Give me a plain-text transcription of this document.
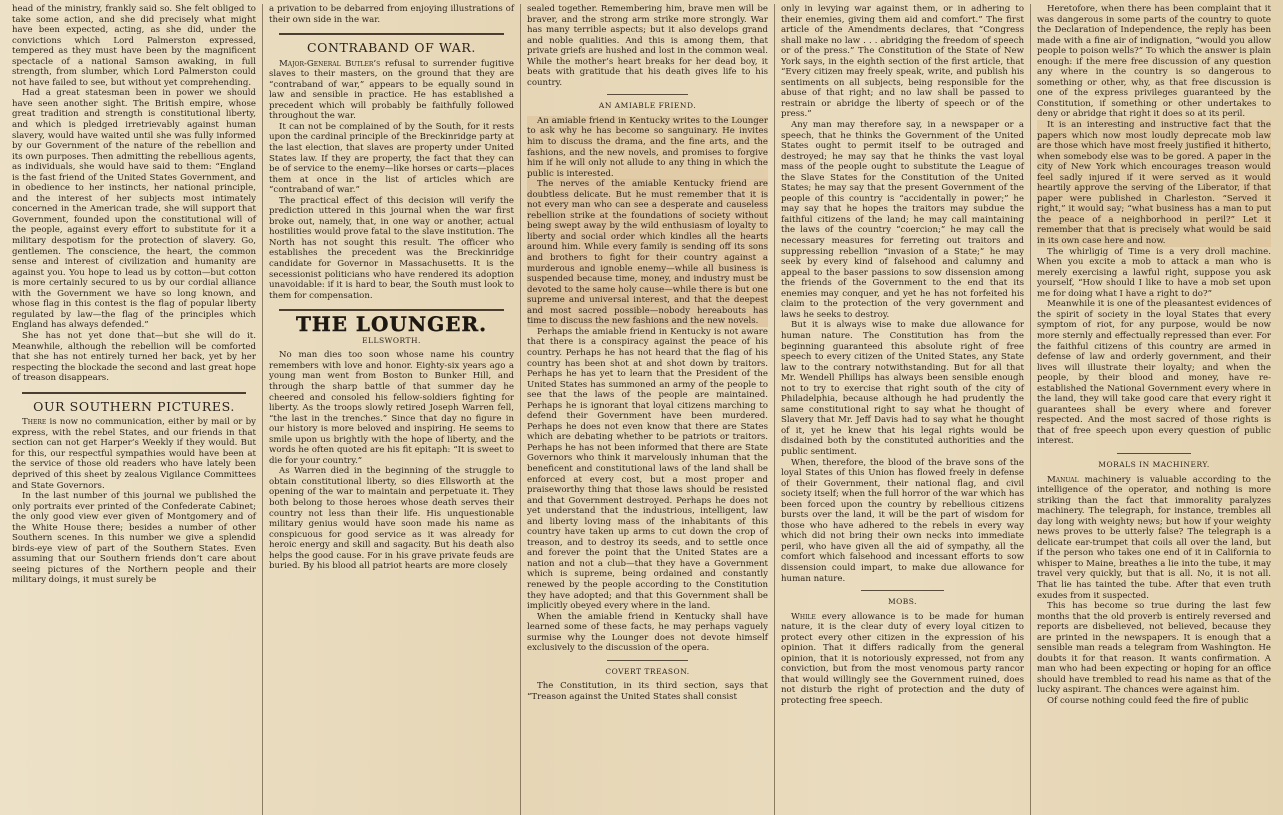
head of the ministry, frankly said so. She felt obliged to take some action, and she did precisely what might have been expected, acting, as she did, under the convictions which Lord Palmerston expressed, tempered as they must have been by the magnificent spectacle of a national Samson awaking, in full strength, from slumber, which Lord Palmerston could not have failed to see, but without yet comprehending.

Had a great statesman been in power we should have seen another sight. The British empire, whose great tradition and strength is constitutional liberty, and which is pledged irretrievably against human slavery, would have waited until she was fully informed by our Government of the nature of the rebellion and its own purposes. Then admitting the rebellious agents, as individuals, she would have said to them: “England is the fast friend of the United States Government, and in obedience to her instincts, her national principle, and the interest of her subjects most intimately concerned in the American trade, she will support that Government, founded upon the constitutional will of the people, against every effort to substitute for it a military despotism for the protection of slavery. Go, gentlemen. The conscience, the heart, the common sense and interest of civilization and humanity are against you. You hope to lead us by cotton—but cotton is more certainly secured to us by our cordial alliance with the Government we have so long known, and whose flag in this contest is the flag of popular liberty regulated by law—the flag of the principles which England has always defended.”

She has not yet done that—but she will do it. Meanwhile, although the rebellion will be comforted that she has not entirely turned her back, yet by her respecting the blockade the second and last great hope of treason disappears.

OUR SOUTHERN PICTURES.

There is now no communication, either by mail or by express, with the rebel States, and our friends in that section can not get Harper’s Weekly if they would. But for this, our respectful sympathies would have been at the service of those old readers who have lately been deprived of this sheet by zealous Vigilance Committees and State Governors.

In the last number of this journal we published the only portraits ever printed of the Confederate Cabinet; the only good view ever given of Montgomery and of the White House there; besides a number of other Southern scenes. In this number we give a splendid birds-eye view of part of the Southern States. Even assuming that our Southern friends don’t care about seeing pictures of the Northern people and their military doings, it must surely be

a privation to be debarred from enjoying illustrations of their own side in the war.

CONTRABAND OF WAR.

Major-General Butler’s refusal to surrender fugitive slaves to their masters, on the ground that they are “contraband of war,” appears to be equally sound in law and sensible in practice. He has established a precedent which will probably be faithfully followed throughout the war.

It can not be complained of by the South, for it rests upon the cardinal principle of the Breckinridge party at the last election, that slaves are property under United States law. If they are property, the fact that they can be of service to the enemy—like horses or carts—places them at once in the list of articles which are “contraband of war.”

The practical effect of this decision will verify the prediction uttered in this journal when the war first broke out, namely, that, in one way or another, actual hostilities would prove fatal to the slave institution. The North has not sought this result. The officer who establishes the precedent was the Breckinridge candidate for Governor in Massachusetts. It is the secessionist politicians who have rendered its adoption unavoidable: if it is hard to bear, the South must look to them for compensation.

THE LOUNGER.
ELLSWORTH.

No man dies too soon whose name his country remembers with love and honor. Eighty-six years ago a young man went from Boston to Bunker Hill, and through the sharp battle of that summer day he cheered and consoled his fellow-soldiers fighting for liberty. As the troops slowly retired Joseph Warren fell, “the last in the trenches.” Since that day no figure in our history is more beloved and inspiring. He seems to smile upon us brightly with the hope of liberty, and the words he often quoted are his fit epitaph: “It is sweet to die for your country.”

As Warren died in the beginning of the struggle to obtain constitutional liberty, so dies Ellsworth at the opening of the war to maintain and perpetuate it. They both belong to those heroes whose death serves their country not less than their life. His unquestionable military genius would have soon made his name as conspicuous for good service as it was already for heroic energy and skill and sagacity. But his death also helps the good cause. For in his grave private feuds are buried. By his blood all patriot hearts are more closely

sealed together. Remembering him, brave men will be braver, and the strong arm strike more strongly. War has many terrible aspects; but it also develops grand and noble qualities. And this is among them, that private griefs are hushed and lost in the common weal. While the mother’s heart breaks for her dead boy, it beats with gratitude that his death gives life to his country.

AN AMIABLE FRIEND.

An amiable friend in Kentucky writes to the Lounger to ask why he has become so sanguinary. He invites him to discuss the drama, and the fine arts, and the fashions, and the new novels, and promises to forgive him if he will only not allude to any thing in which the public is interested.

The nerves of the amiable Kentucky friend are doubtless delicate. But he must remember that it is not every man who can see a desperate and causeless rebellion strike at the foundations of society without being swept away by the wild enthusiasm of loyalty to liberty and social order which kindles all the hearts around him. While every family is sending off its sons and brothers to fight for their country against a murderous and ignoble enemy—while all business is suspended because time, money, and industry must be devoted to the same holy cause—while there is but one supreme and universal interest, and that the deepest and most sacred possible—nobody hereabouts has time to discuss the new fashions and the new novels.

Perhaps the amiable friend in Kentucky is not aware that there is a conspiracy against the peace of his country. Perhaps he has not heard that the flag of his country has been shot at and shot down by traitors. Perhaps he has yet to learn that the President of the United States has summoned an army of the people to see that the laws of the people are maintained. Perhaps he is ignorant that loyal citizens marching to defend their Government have been murdered. Perhaps he does not even know that there are States which are debating whether to be patriots or traitors. Perhaps he has not been informed that there are State Governors who think it marvelously inhuman that the beneficent and constitutional laws of the land shall be enforced at every cost, but a most proper and praiseworthy thing that those laws should be resisted and that Government destroyed. Perhaps he does not yet understand that the industrious, intelligent, law and liberty loving mass of the inhabitants of this country have taken up arms to cut down the crop of treason, and to destroy its seeds, and to settle once and forever the point that the United States are a nation and not a club—that they have a Government which is supreme, being ordained and constantly renewed by the people according to the Constitution they have adopted; and that this Government shall be implicitly obeyed every where in the land.

When the amiable friend in Kentucky shall have learned some of these facts, he may perhaps vaguely surmise why the Lounger does not devote himself exclusively to the discussion of the opera.

COVERT TREASON.

The Constitution, in its third section, says that “Treason against the United States shall consist

only in levying war against them, or in adhering to their enemies, giving them aid and comfort.” The first article of the Amendments declares, that “Congress shall make no law . . . abridging the freedom of speech or of the press.” The Constitution of the State of New York says, in the eighth section of the first article, that “Every citizen may freely speak, write, and publish his sentiments on all subjects, being responsible for the abuse of that right; and no law shall be passed to restrain or abridge the liberty of speech or of the press.”

Any man may therefore say, in a newspaper or a speech, that he thinks the Government of the United States ought to permit itself to be outraged and destroyed; he may say that he thinks the vast loyal mass of the people ought to substitute the League of the Slave States for the Constitution of the United States; he may say that the present Government of the people of this country is “accidentally in power;” he may say that he hopes the traitors may subdue the faithful citizens of the land; he may call maintaining the laws of the country “coercion;” he may call the necessary measures for ferreting out traitors and suppressing rebellion “invasion of a State;” he may seek by every kind of falsehood and calumny and appeal to the baser passions to sow dissension among the friends of the Government to the end that its enemies may conquer, and yet he has not forfeited his claim to the protection of the very government and laws he seeks to destroy.

But it is always wise to make due allowance for human nature. The Constitution has from the beginning guaranteed this absolute right of free speech to every citizen of the United States, any State law to the contrary notwithstanding. But for all that Mr. Wendell Phillips has always been sensible enough not to try to exercise that right south of the city of Philadelphia, because although he had prudently the same constitutional right to say what he thought of Slavery that Mr. Jeff Davis had to say what he thought of it, yet he knew that his legal rights would be disdained both by the constituted authorities and the public sentiment.

When, therefore, the blood of the brave sons of the loyal States of this Union has flowed freely in defense of their Government, their national flag, and civil society itself; when the full horror of the war which has been forced upon the country by rebellious citizens bursts over the land, it will be the part of wisdom for those who have adhered to the rebels in every way which did not bring their own necks into immediate peril, who have given all the aid of sympathy, all the comfort which falsehood and incessant efforts to sow dissension could impart, to make due allowance for human nature.

MOBS.

While every allowance is to be made for human nature, it is the clear duty of every loyal citizen to protect every other citizen in the expression of his opinion. That it differs radically from the general opinion, that it is notoriously expressed, not from any conviction, but from the most venomous party rancor that would willingly see the Government ruined, does not disturb the right of protection and the duty of protecting free speech.

Heretofore, when there has been complaint that it was dangerous in some parts of the country to quote the Declaration of Independence, the reply has been made with a fine air of indignation, “would you allow people to poison wells?” To which the answer is plain enough: if the mere free discussion of any question any where in the country is so dangerous to something or other, why, as that free discussion is one of the express privileges guaranteed by the Constitution, if something or other undertakes to deny or abridge that right it does so at its peril.

It is an interesting and instructive fact that the papers which now most loudly deprecate mob law are those which have most freely justified it hitherto, when somebody else was to be gored. A paper in the city of New York which encourages treason would feel sadly injured if it were served as it would heartily approve the serving of the Liberator, if that paper were published in Charleston. “Served it right,” it would say; “what business has a man to put the peace of a neighborhood in peril?” Let it remember that that is precisely what would be said in its own case here and now.

The whirligig of Time is a very droll machine. When you excite a mob to attack a man who is merely exercising a lawful right, suppose you ask yourself, “How should I like to have a mob set upon me for doing what I have a right to do?”

Meanwhile it is one of the pleasantest evidences of the spirit of society in the loyal States that every symptom of riot, for any purpose, would be now more sternly and effectually repressed than ever. For the faithful citizens of this country are armed in defense of law and orderly government, and their lives will illustrate their loyalty; and when the people, by their blood and money, have re-established the National Government every where in the land, they will take good care that every right it guarantees shall be every where and forever respected. And the most sacred of those rights is that of free speech upon every question of public interest.

MORALS IN MACHINERY.

Manual machinery is valuable according to the intelligence of the operator, and nothing is more striking than the fact that immorality paralyzes machinery. The telegraph, for instance, trembles all day long with weighty news; but how if your weighty news proves to be utterly false? The telegraph is a delicate ear-trumpet that coils all over the land, but if the person who takes one end of it in California to whisper to Maine, breathes a lie into the tube, it may travel very quickly, but that is all. No, it is not all. That lie has tainted the tube. After that even truth exudes from it suspected.

This has become so true during the last few months that the old proverb is entirely reversed and reports are disbelieved, not believed, because they are printed in the newspapers. It is enough that a sensible man reads a telegram from Washington. He doubts it for that reason. It wants confirmation. A man who had been expecting or hoping for an office should have trembled to read his name as that of the lucky aspirant. The chances were against him.

Of course nothing could feed the fire of public
